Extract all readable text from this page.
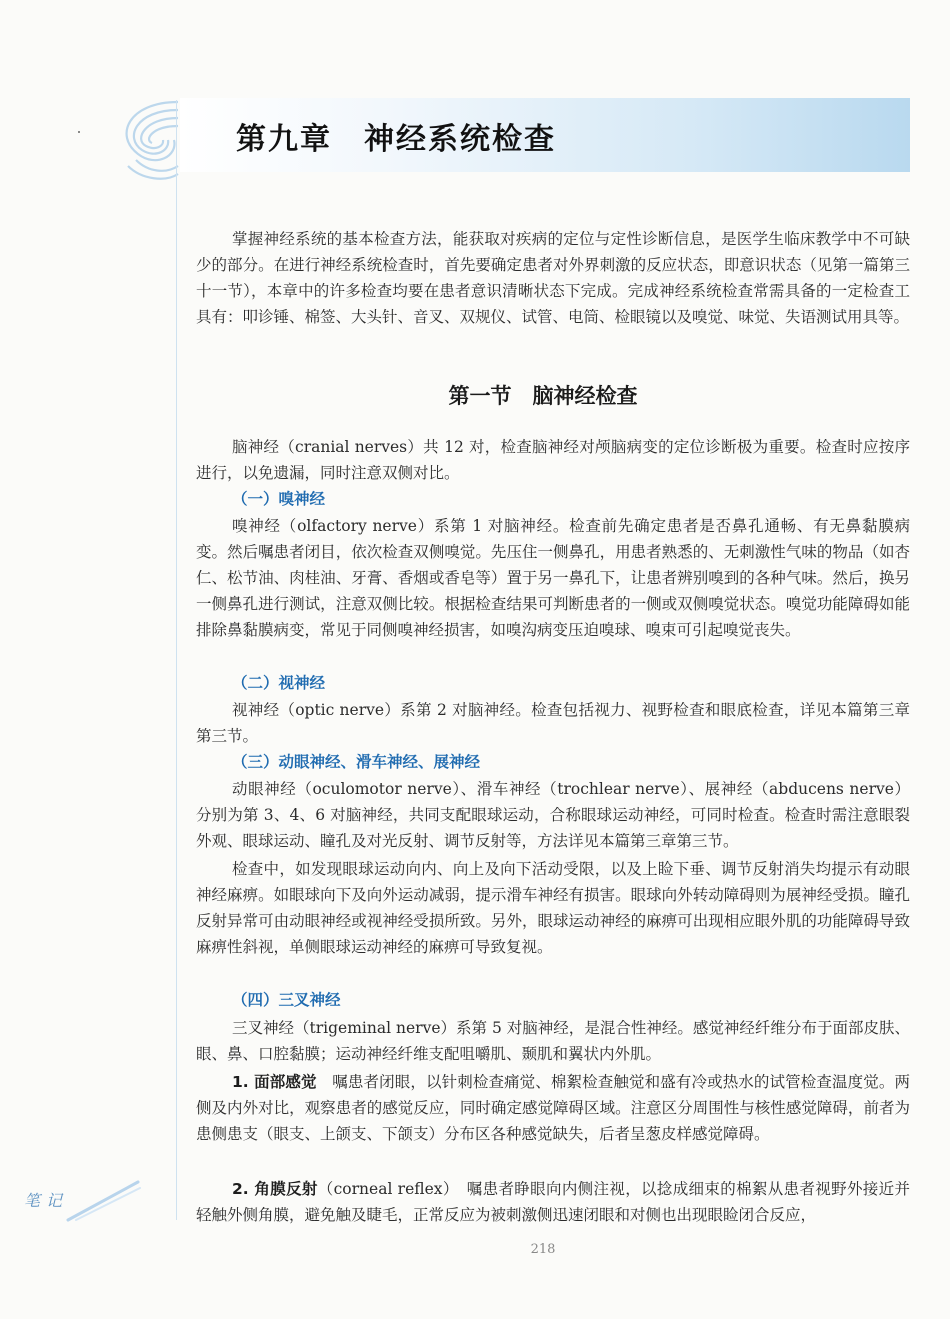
第九章　神经系统检查

掌握神经系统的基本检查方法，能获取对疾病的定位与定性诊断信息，是医学生临床教学中不可缺少的部分。在进行神经系统检查时，首先要确定患者对外界刺激的反应状态，即意识状态（见第一篇第三十一节），本章中的许多检查均要在患者意识清晰状态下完成。完成神经系统检查常需具备的一定检查工具有：叩诊锤、棉签、大头针、音叉、双规仪、试管、电筒、检眼镜以及嗅觉、味觉、失语测试用具等。

第一节　脑神经检查

脑神经（cranial nerves）共 12 对，检查脑神经对颅脑病变的定位诊断极为重要。检查时应按序进行，以免遗漏，同时注意双侧对比。

（一）嗅神经

嗅神经（olfactory nerve）系第 1 对脑神经。检查前先确定患者是否鼻孔通畅、有无鼻黏膜病变。然后嘱患者闭目，依次检查双侧嗅觉。先压住一侧鼻孔，用患者熟悉的、无刺激性气味的物品（如杏仁、松节油、肉桂油、牙膏、香烟或香皂等）置于另一鼻孔下，让患者辨别嗅到的各种气味。然后，换另一侧鼻孔进行测试，注意双侧比较。根据检查结果可判断患者的一侧或双侧嗅觉状态。嗅觉功能障碍如能排除鼻黏膜病变，常见于同侧嗅神经损害，如嗅沟病变压迫嗅球、嗅束可引起嗅觉丧失。

（二）视神经

视神经（optic nerve）系第 2 对脑神经。检查包括视力、视野检查和眼底检查，详见本篇第三章第三节。

（三）动眼神经、滑车神经、展神经

动眼神经（oculomotor nerve）、滑车神经（trochlear nerve）、展神经（abducens nerve）分别为第 3、4、6 对脑神经，共同支配眼球运动，合称眼球运动神经，可同时检查。检查时需注意眼裂外观、眼球运动、瞳孔及对光反射、调节反射等，方法详见本篇第三章第三节。

检查中，如发现眼球运动向内、向上及向下活动受限，以及上睑下垂、调节反射消失均提示有动眼神经麻痹。如眼球向下及向外运动减弱，提示滑车神经有损害。眼球向外转动障碍则为展神经受损。瞳孔反射异常可由动眼神经或视神经受损所致。另外，眼球运动神经的麻痹可出现相应眼外肌的功能障碍导致麻痹性斜视，单侧眼球运动神经的麻痹可导致复视。

（四）三叉神经

三叉神经（trigeminal nerve）系第 5 对脑神经，是混合性神经。感觉神经纤维分布于面部皮肤、眼、鼻、口腔黏膜；运动神经纤维支配咀嚼肌、颞肌和翼状内外肌。

1. 面部感觉　嘱患者闭眼，以针刺检查痛觉、棉絮检查触觉和盛有冷或热水的试管检查温度觉。两侧及内外对比，观察患者的感觉反应，同时确定感觉障碍区域。注意区分周围性与核性感觉障碍，前者为患侧患支（眼支、上颌支、下颌支）分布区各种感觉缺失，后者呈葱皮样感觉障碍。

2. 角膜反射（corneal reflex）　嘱患者睁眼向内侧注视，以捻成细束的棉絮从患者视野外接近并轻触外侧角膜，避免触及睫毛，正常反应为被刺激侧迅速闭眼和对侧也出现眼睑闭合反应，

笔记
218
